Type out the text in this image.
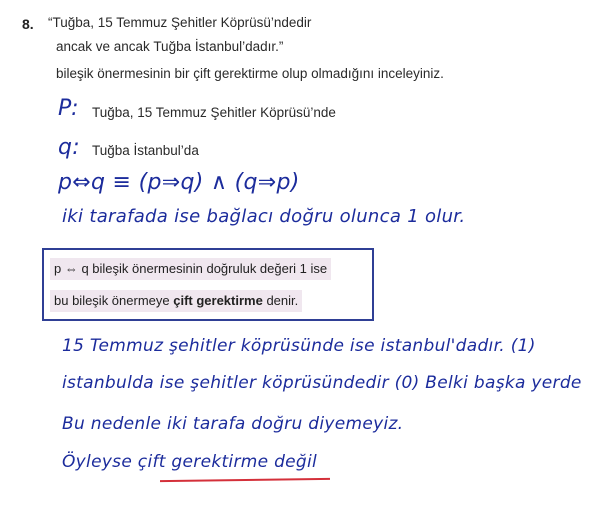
8. “Tuğba, 15 Temmuz Şehitler Köprüsü’ndedir
ancak ve ancak Tuğba İstanbul’dadır.”
bileşik önermesinin bir çift gerektirme olup olmadığını inceleyiniz.
P: Tuğba, 15 Temmuz Şehitler Köprüsü’nde
q: Tuğba İstanbul’da
p⇔q ≡ (p⇒q) ∧ (q⇒p)
iki tarafada ise bağlacı doğru olunca 1 olur.
p ⇔ q bileşik önermesinin doğruluk değeri 1 ise
bu bileşik önermeye çift gerektirme denir.
15 Temmuz şehitler köprüsünde ise istanbul'dadır. (1)
istanbulda ise şehitler köprüsündedir (0) Belki başka yerde
Bu nedenle iki tarafa doğru diyemeyiz.
Öyleyse çift gerektirme değil
